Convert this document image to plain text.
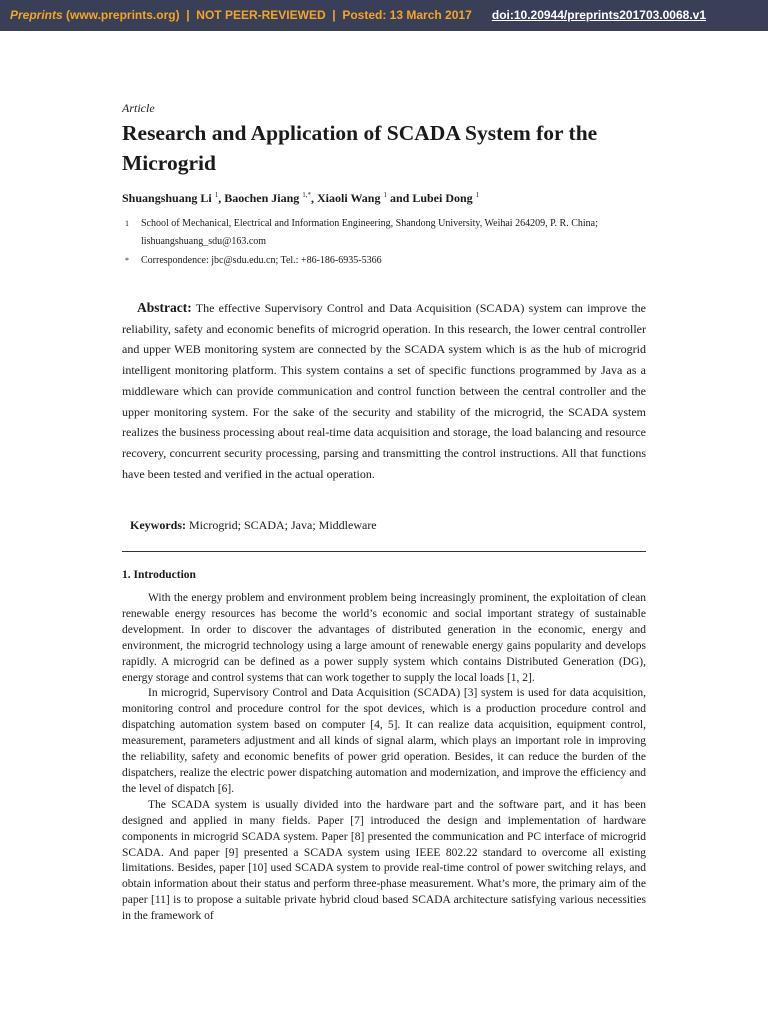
Preprints (www.preprints.org)  |  NOT PEER-REVIEWED  |  Posted: 13 March 2017 doi:10.20944/preprints201703.0068.v1
Article
Research and Application of SCADA System for the Microgrid
Shuangshuang Li $^1$, Baochen Jiang $^{1,*}$, Xiaoli Wang $^1$ and Lubei Dong $^1$
1 School of Mechanical, Electrical and Information Engineering, Shandong University, Weihai 264209, P. R. China; lishuangshuang_sdu@163.com
* Correspondence: jbc@sdu.edu.cn; Tel.: +86-186-6935-5366

Abstract: The effective Supervisory Control and Data Acquisition (SCADA) system can improve the reliability, safety and economic benefits of microgrid operation. In this research, the lower central controller and upper WEB monitoring system are connected by the SCADA system which is as the hub of microgrid intelligent monitoring platform. This system contains a set of specific functions programmed by Java as a middleware which can provide communication and control function between the central controller and the upper monitoring system. For the sake of the security and stability of the microgrid, the SCADA system realizes the business processing about real-time data acquisition and storage, the load balancing and resource recovery, concurrent security processing, parsing and transmitting the control instructions. All that functions have been tested and verified in the actual operation.

Keywords: Microgrid; SCADA; Java; Middleware
1. Introduction

With the energy problem and environment problem being increasingly prominent, the exploitation of clean renewable energy resources has become the world’s economic and social important strategy of sustainable development. In order to discover the advantages of distributed generation in the economic, energy and environment, the microgrid technology using a large amount of renewable energy gains popularity and develops rapidly. A microgrid can be defined as a power supply system which contains Distributed Generation (DG), energy storage and control systems that can work together to supply the local loads [1, 2].

In microgrid, Supervisory Control and Data Acquisition (SCADA) [3] system is used for data acquisition, monitoring control and procedure control for the spot devices, which is a production procedure control and dispatching automation system based on computer [4, 5]. It can realize data acquisition, equipment control, measurement, parameters adjustment and all kinds of signal alarm, which plays an important role in improving the reliability, safety and economic benefits of power grid operation. Besides, it can reduce the burden of the dispatchers, realize the electric power dispatching automation and modernization, and improve the efficiency and the level of dispatch [6].

The SCADA system is usually divided into the hardware part and the software part, and it has been designed and applied in many fields. Paper [7] introduced the design and implementation of hardware components in microgrid SCADA system. Paper [8] presented the communication and PC interface of microgrid SCADA. And paper [9] presented a SCADA system using IEEE 802.22 standard to overcome all existing limitations. Besides, paper [10] used SCADA system to provide real-time control of power switching relays, and obtain information about their status and perform three-phase measurement. What’s more, the primary aim of the paper [11] is to propose a suitable private hybrid cloud based SCADA architecture satisfying various necessities in the framework of
